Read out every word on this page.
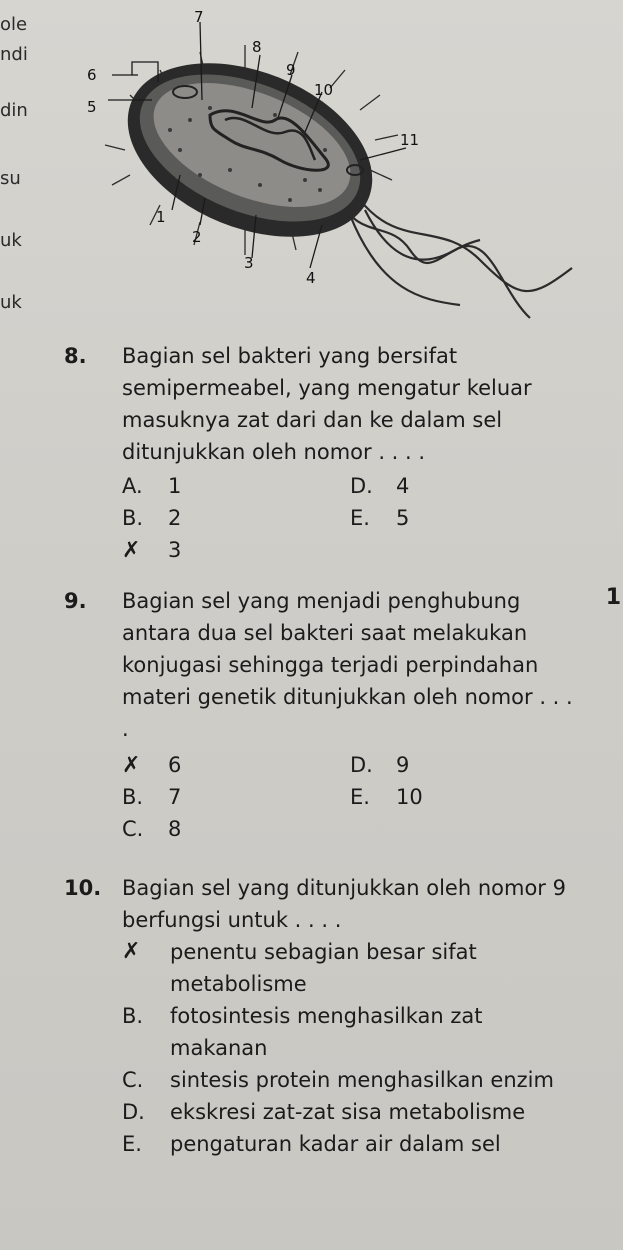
ole
ndi
din
su
uk
uk
7
8
6	9
10
5
11
1
2
3
4
8. Bagian sel bakteri yang bersifat semipermeabel, yang mengatur keluar masuknya zat dari dan ke dalam sel ditunjukkan oleh nomor . . . .
A. 1	D. 4
B. 2	E. 5
✗ 3
9. Bagian sel yang menjadi penghubung antara dua sel bakteri saat melakukan konjugasi sehingga terjadi perpindahan materi genetik ditunjukkan oleh nomor . . . .
✗ 6	D. 9
B. 7	E. 10
C. 8
1
10. Bagian sel yang ditunjukkan oleh nomor 9 berfungsi untuk . . . .
✗	penentu sebagian besar sifat metabolisme
B.	fotosintesis menghasilkan zat makanan
C.	sintesis protein menghasilkan enzim
D.	ekskresi zat-zat sisa metabolisme
E.	pengaturan kadar air dalam sel
